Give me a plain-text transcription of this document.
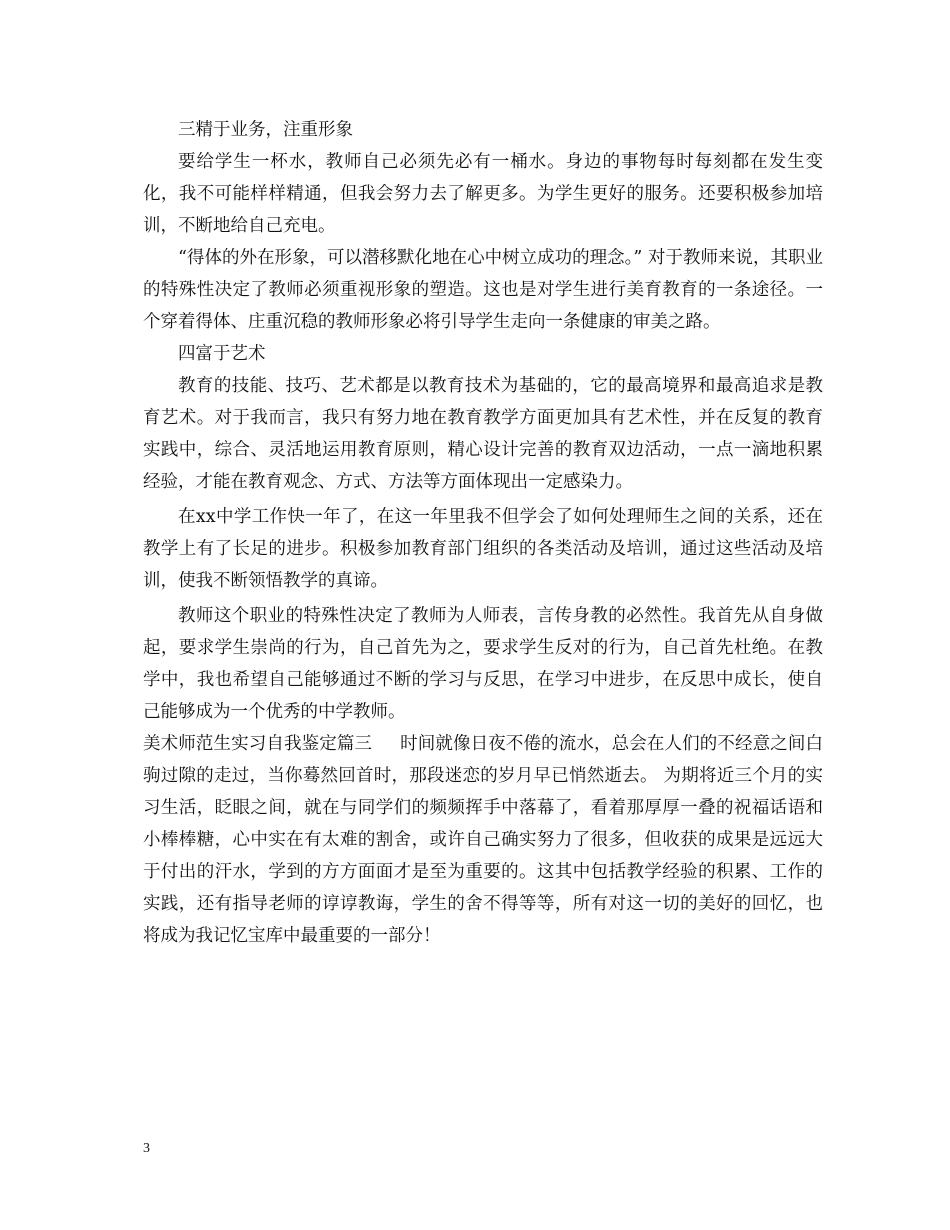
三精于业务，注重形象

要给学生一杯水，教师自己必须先必有一桶水。身边的事物每时每刻都在发生变化，我不可能样样精通，但我会努力去了解更多。为学生更好的服务。还要积极参加培训，不断地给自己充电。

“得体的外在形象，可以潜移默化地在心中树立成功的理念。” 对于教师来说，其职业的特殊性决定了教师必须重视形象的塑造。这也是对学生进行美育教育的一条途径。一个穿着得体、庄重沉稳的教师形象必将引导学生走向一条健康的审美之路。

四富于艺术

教育的技能、技巧、艺术都是以教育技术为基础的，它的最高境界和最高追求是教育艺术。对于我而言，我只有努力地在教育教学方面更加具有艺术性，并在反复的教育实践中，综合、灵活地运用教育原则，精心设计完善的教育双边活动，一点一滴地积累经验，才能在教育观念、方式、方法等方面体现出一定感染力。

在xx中学工作快一年了，在这一年里我不但学会了如何处理师生之间的关系，还在教学上有了长足的进步。积极参加教育部门组织的各类活动及培训，通过这些活动及培训，使我不断领悟教学的真谛。

教师这个职业的特殊性决定了教师为人师表，言传身教的必然性。我首先从自身做起，要求学生崇尚的行为，自己首先为之，要求学生反对的行为，自己首先杜绝。在教学中，我也希望自己能够通过不断的学习与反思，在学习中进步，在反思中成长，使自己能够成为一个优秀的中学教师。

美术师范生实习自我鉴定篇三 时间就像日夜不倦的流水，总会在人们的不经意之间白驹过隙的走过，当你蓦然回首时，那段迷恋的岁月早已悄然逝去。 为期将近三个月的实习生活，眨眼之间，就在与同学们的频频挥手中落幕了，看着那厚厚一叠的祝福话语和小棒棒糖，心中实在有太难的割舍，或许自己确实努力了很多，但收获的成果是远远大于付出的汗水，学到的方方面面才是至为重要的。这其中包括教学经验的积累、工作的实践，还有指导老师的谆谆教诲，学生的舍不得等等，所有对这一切的美好的回忆，也将成为我记忆宝库中最重要的一部分！

3
